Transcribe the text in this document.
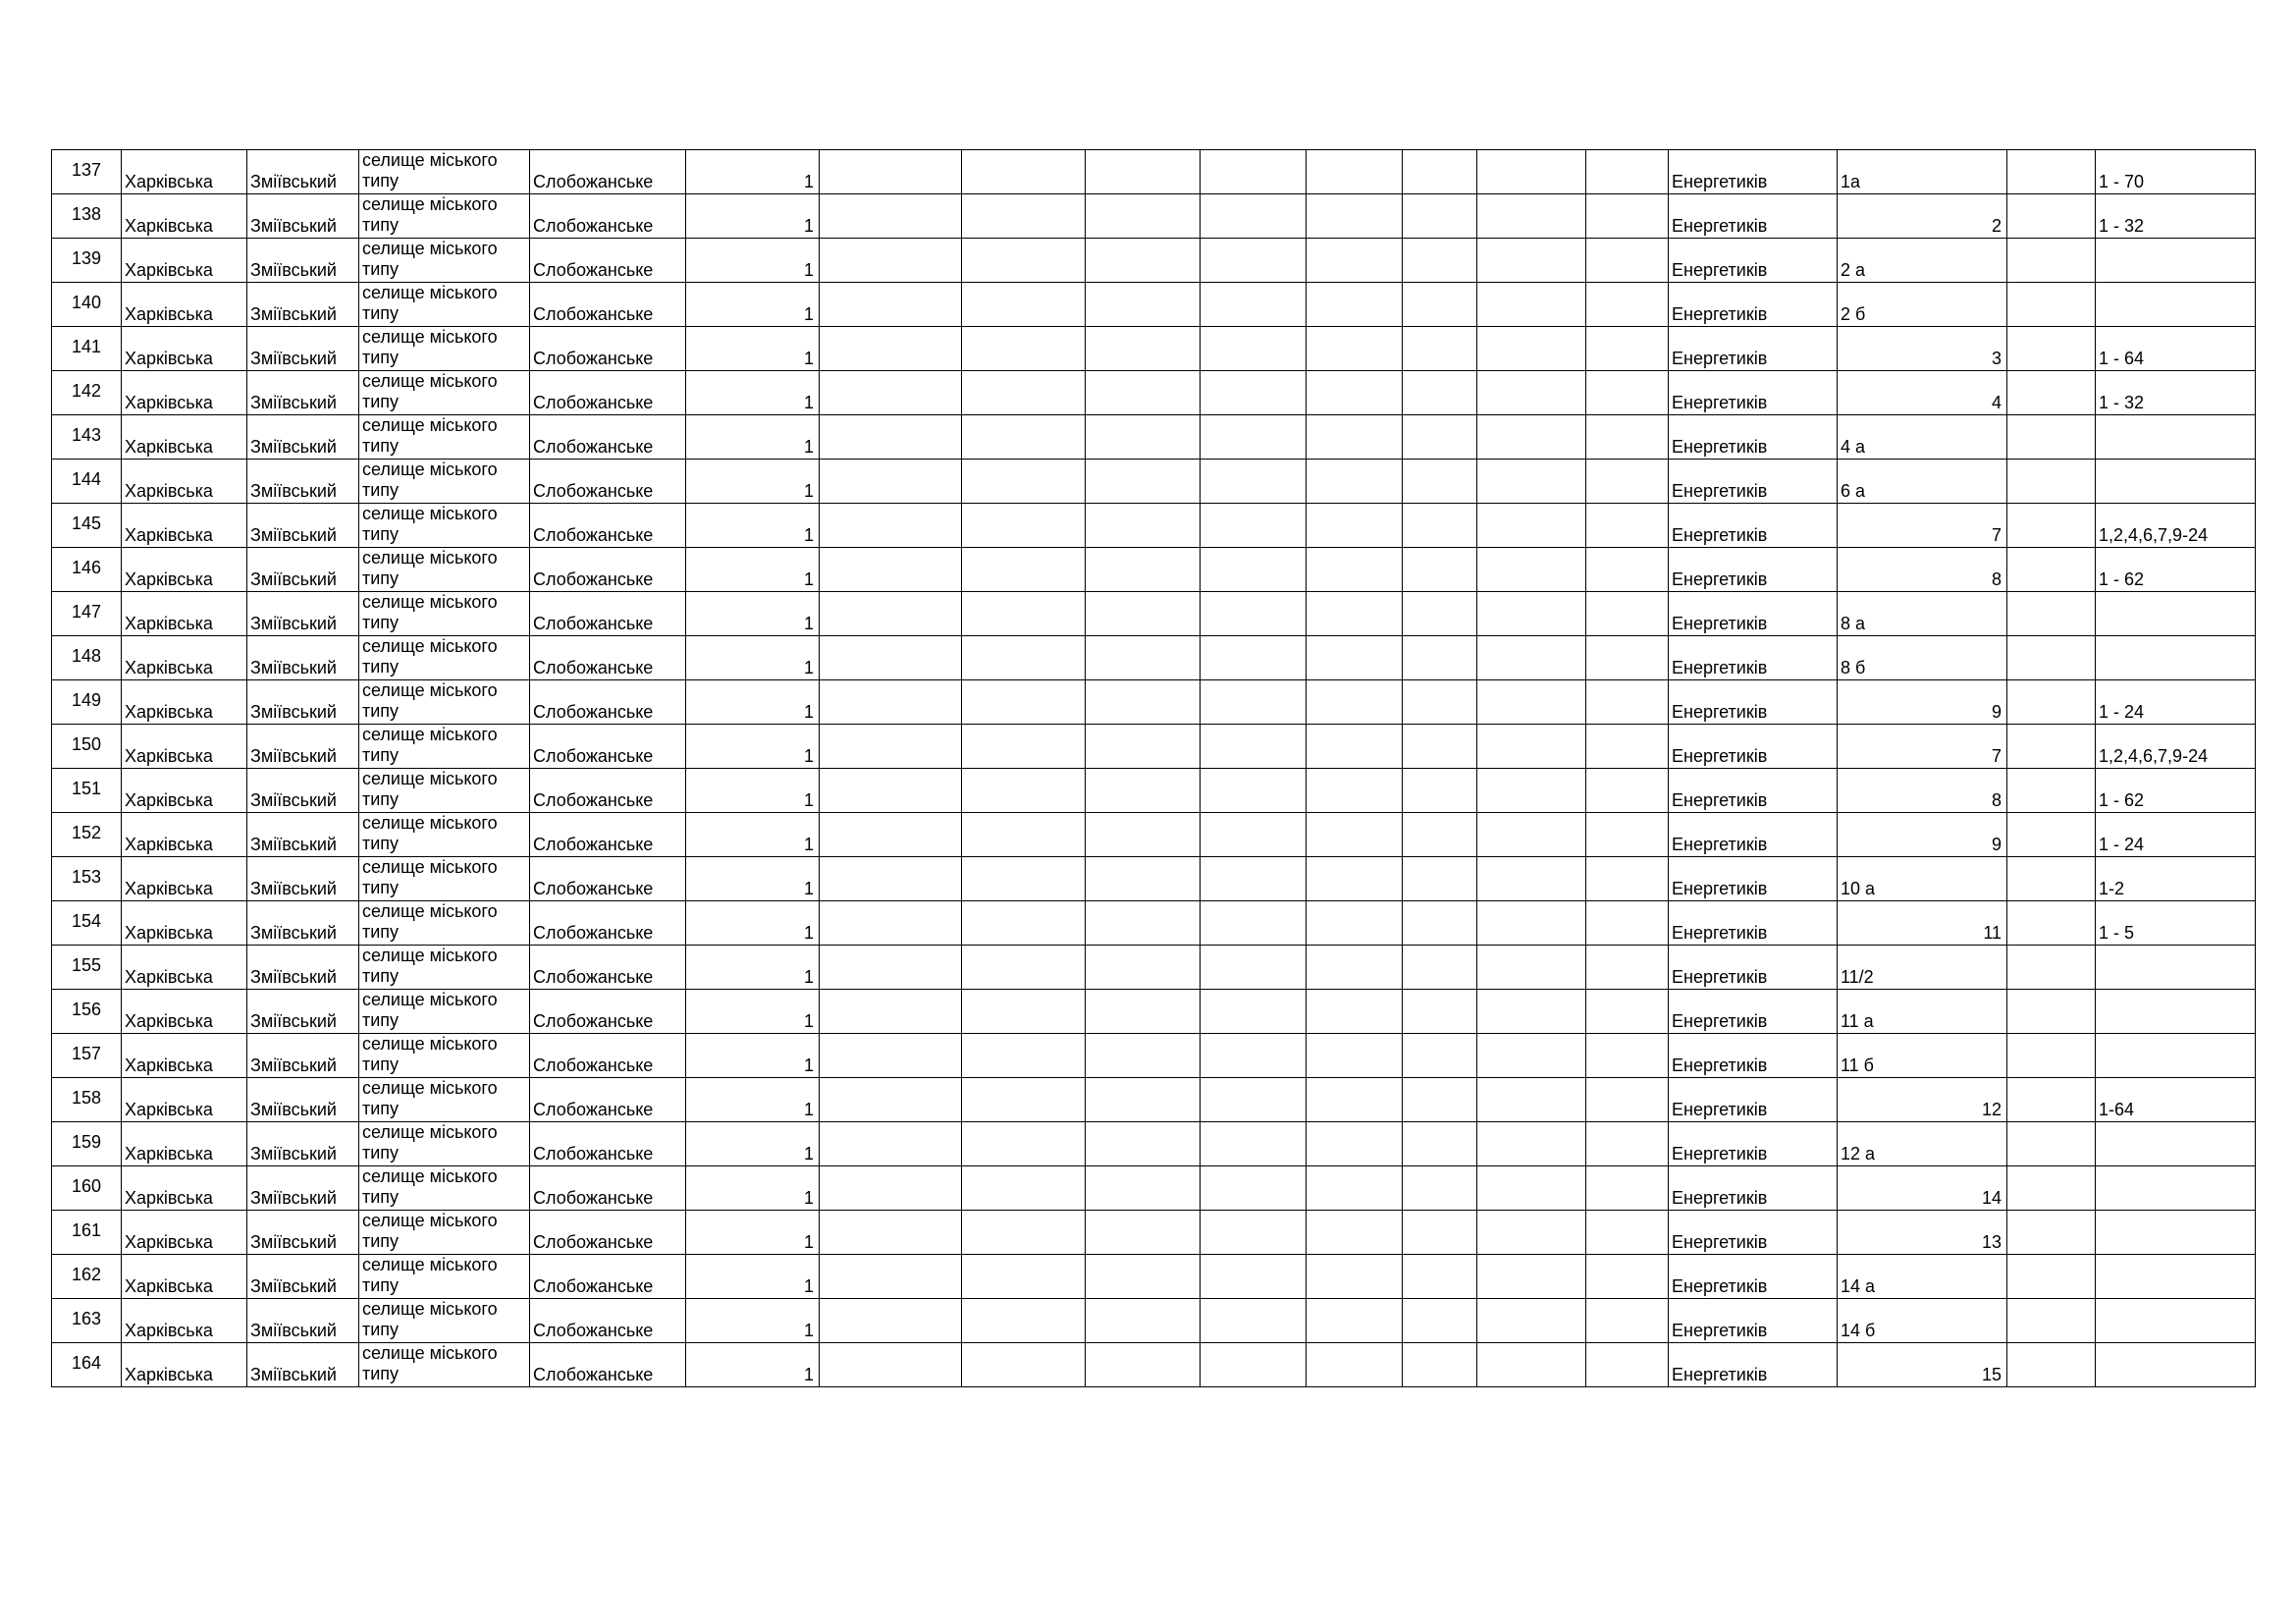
137	Харківська	Зміївський	селище міського типу	Слобожанське	1									Енергетиків	1а		1 - 70
138	Харківська	Зміївський	селище міського типу	Слобожанське	1									Енергетиків	2		1 - 32
139	Харківська	Зміївський	селище міського типу	Слобожанське	1									Енергетиків	2 а		
140	Харківська	Зміївський	селище міського типу	Слобожанське	1									Енергетиків	2 б		
141	Харківська	Зміївський	селище міського типу	Слобожанське	1									Енергетиків	3		1 - 64
142	Харківська	Зміївський	селище міського типу	Слобожанське	1									Енергетиків	4		1 - 32
143	Харківська	Зміївський	селище міського типу	Слобожанське	1									Енергетиків	4 а		
144	Харківська	Зміївський	селище міського типу	Слобожанське	1									Енергетиків	6 а		
145	Харківська	Зміївський	селище міського типу	Слобожанське	1									Енергетиків	7		1,2,4,6,7,9-24
146	Харківська	Зміївський	селище міського типу	Слобожанське	1									Енергетиків	8		1 - 62
147	Харківська	Зміївський	селище міського типу	Слобожанське	1									Енергетиків	8 а		
148	Харківська	Зміївський	селище міського типу	Слобожанське	1									Енергетиків	8 б		
149	Харківська	Зміївський	селище міського типу	Слобожанське	1									Енергетиків	9		1 - 24
150	Харківська	Зміївський	селище міського типу	Слобожанське	1									Енергетиків	7		1,2,4,6,7,9-24
151	Харківська	Зміївський	селище міського типу	Слобожанське	1									Енергетиків	8		1 - 62
152	Харківська	Зміївський	селище міського типу	Слобожанське	1									Енергетиків	9		1 - 24
153	Харківська	Зміївський	селище міського типу	Слобожанське	1									Енергетиків	10 а		1-2
154	Харківська	Зміївський	селище міського типу	Слобожанське	1									Енергетиків	11		1 - 5
155	Харківська	Зміївський	селище міського типу	Слобожанське	1									Енергетиків	11/2		
156	Харківська	Зміївський	селище міського типу	Слобожанське	1									Енергетиків	11 а		
157	Харківська	Зміївський	селище міського типу	Слобожанське	1									Енергетиків	11 б		
158	Харківська	Зміївський	селище міського типу	Слобожанське	1									Енергетиків	12		1-64
159	Харківська	Зміївський	селище міського типу	Слобожанське	1									Енергетиків	12 а		
160	Харківська	Зміївський	селище міського типу	Слобожанське	1									Енергетиків	14		
161	Харківська	Зміївський	селище міського типу	Слобожанське	1									Енергетиків	13		
162	Харківська	Зміївський	селище міського типу	Слобожанське	1									Енергетиків	14 а		
163	Харківська	Зміївський	селище міського типу	Слобожанське	1									Енергетиків	14 б		
164	Харківська	Зміївський	селище міського типу	Слобожанське	1									Енергетиків	15		
